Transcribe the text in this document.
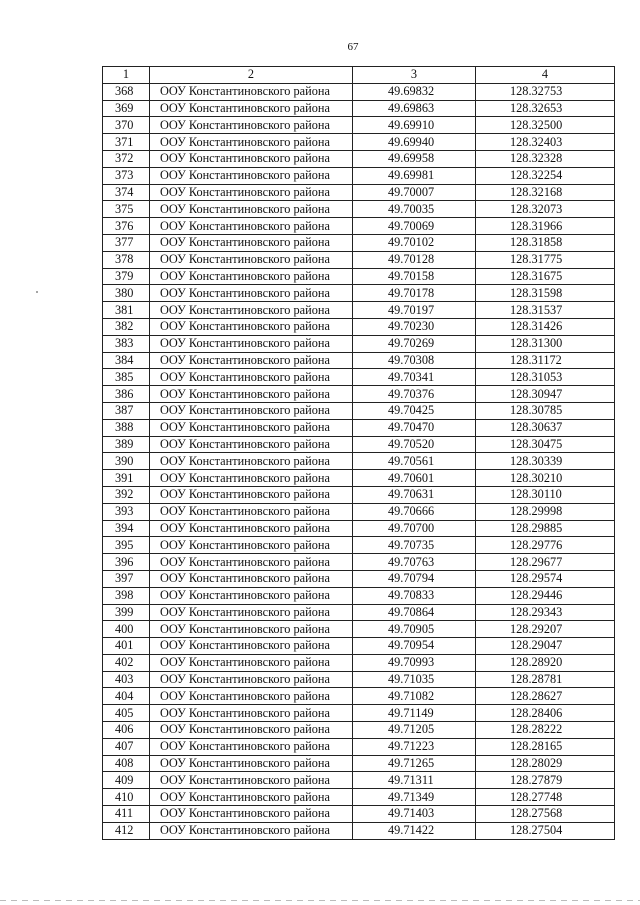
67
1	2	3	4
368	ООУ Константиновского района	49.69832	128.32753
369	ООУ Константиновского района	49.69863	128.32653
370	ООУ Константиновского района	49.69910	128.32500
371	ООУ Константиновского района	49.69940	128.32403
372	ООУ Константиновского района	49.69958	128.32328
373	ООУ Константиновского района	49.69981	128.32254
374	ООУ Константиновского района	49.70007	128.32168
375	ООУ Константиновского района	49.70035	128.32073
376	ООУ Константиновского района	49.70069	128.31966
377	ООУ Константиновского района	49.70102	128.31858
378	ООУ Константиновского района	49.70128	128.31775
379	ООУ Константиновского района	49.70158	128.31675
380	ООУ Константиновского района	49.70178	128.31598
381	ООУ Константиновского района	49.70197	128.31537
382	ООУ Константиновского района	49.70230	128.31426
383	ООУ Константиновского района	49.70269	128.31300
384	ООУ Константиновского района	49.70308	128.31172
385	ООУ Константиновского района	49.70341	128.31053
386	ООУ Константиновского района	49.70376	128.30947
387	ООУ Константиновского района	49.70425	128.30785
388	ООУ Константиновского района	49.70470	128.30637
389	ООУ Константиновского района	49.70520	128.30475
390	ООУ Константиновского района	49.70561	128.30339
391	ООУ Константиновского района	49.70601	128.30210
392	ООУ Константиновского района	49.70631	128.30110
393	ООУ Константиновского района	49.70666	128.29998
394	ООУ Константиновского района	49.70700	128.29885
395	ООУ Константиновского района	49.70735	128.29776
396	ООУ Константиновского района	49.70763	128.29677
397	ООУ Константиновского района	49.70794	128.29574
398	ООУ Константиновского района	49.70833	128.29446
399	ООУ Константиновского района	49.70864	128.29343
400	ООУ Константиновского района	49.70905	128.29207
401	ООУ Константиновского района	49.70954	128.29047
402	ООУ Константиновского района	49.70993	128.28920
403	ООУ Константиновского района	49.71035	128.28781
404	ООУ Константиновского района	49.71082	128.28627
405	ООУ Константиновского района	49.71149	128.28406
406	ООУ Константиновского района	49.71205	128.28222
407	ООУ Константиновского района	49.71223	128.28165
408	ООУ Константиновского района	49.71265	128.28029
409	ООУ Константиновского района	49.71311	128.27879
410	ООУ Константиновского района	49.71349	128.27748
411	ООУ Константиновского района	49.71403	128.27568
412	ООУ Константиновского района	49.71422	128.27504
